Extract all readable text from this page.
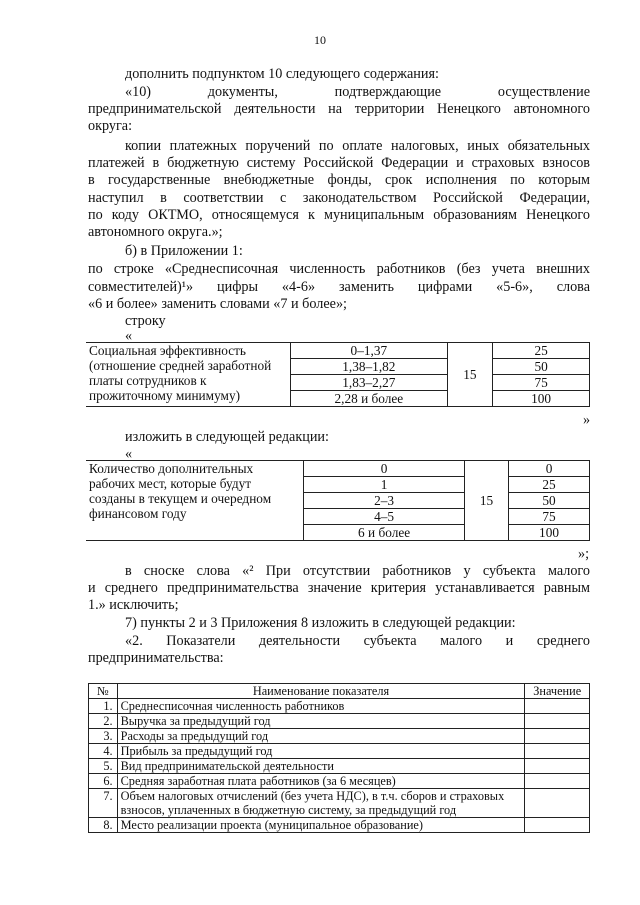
10
дополнить подпунктом 10 следующего содержания:
«10) документы, подтверждающие осуществление
предпринимательской деятельности на территории Ненецкого автономного
округа:
копии платежных поручений по оплате налоговых, иных обязательных
платежей в бюджетную систему Российской Федерации и страховых взносов
в государственные внебюджетные фонды, срок исполнения по которым
наступил в соответствии с законодательством Российской Федерации,
по коду ОКТМО, относящемуся к муниципальным образованиям Ненецкого
автономного округа.»;
б) в Приложении 1:
по строке «Среднесписочная численность работников (без учета внешних
совместителей)¹» цифры «4-6» заменить цифрами «5-6», слова
«6 и более» заменить словами «7 и более»;
строку
«
Социальная эффективность
(отношение средней заработной
платы сотрудников к
прожиточному минимуму)	0–1,37	15	25
	1,38–1,82		50
	1,83–2,27		75
	2,28 и более		100
»
изложить в следующей редакции:
«
Количество дополнительных
рабочих мест, которые будут
созданы в текущем и очередном
финансовом году	0	15	0
	1		25
	2–3		50
	4–5		75
	6 и более		100
»;
в сноске слова «² При отсутствии работников у субъекта малого
и среднего предпринимательства значение критерия устанавливается равным
1.» исключить;
7) пункты 2 и 3 Приложения 8 изложить в следующей редакции:
«2. Показатели деятельности субъекта малого и среднего
предпринимательства:
№	Наименование показателя	Значение
1.	Среднесписочная численность работников	
2.	Выручка за предыдущий год	
3.	Расходы за предыдущий год	
4.	Прибыль за предыдущий год	
5.	Вид предпринимательской деятельности	
6.	Средняя заработная плата работников (за 6 месяцев)	
7.	Объем налоговых отчислений (без учета НДС), в т.ч. сборов и страховых взносов, уплаченных в бюджетную систему, за предыдущий год	
8.	Место реализации проекта (муниципальное образование)	
